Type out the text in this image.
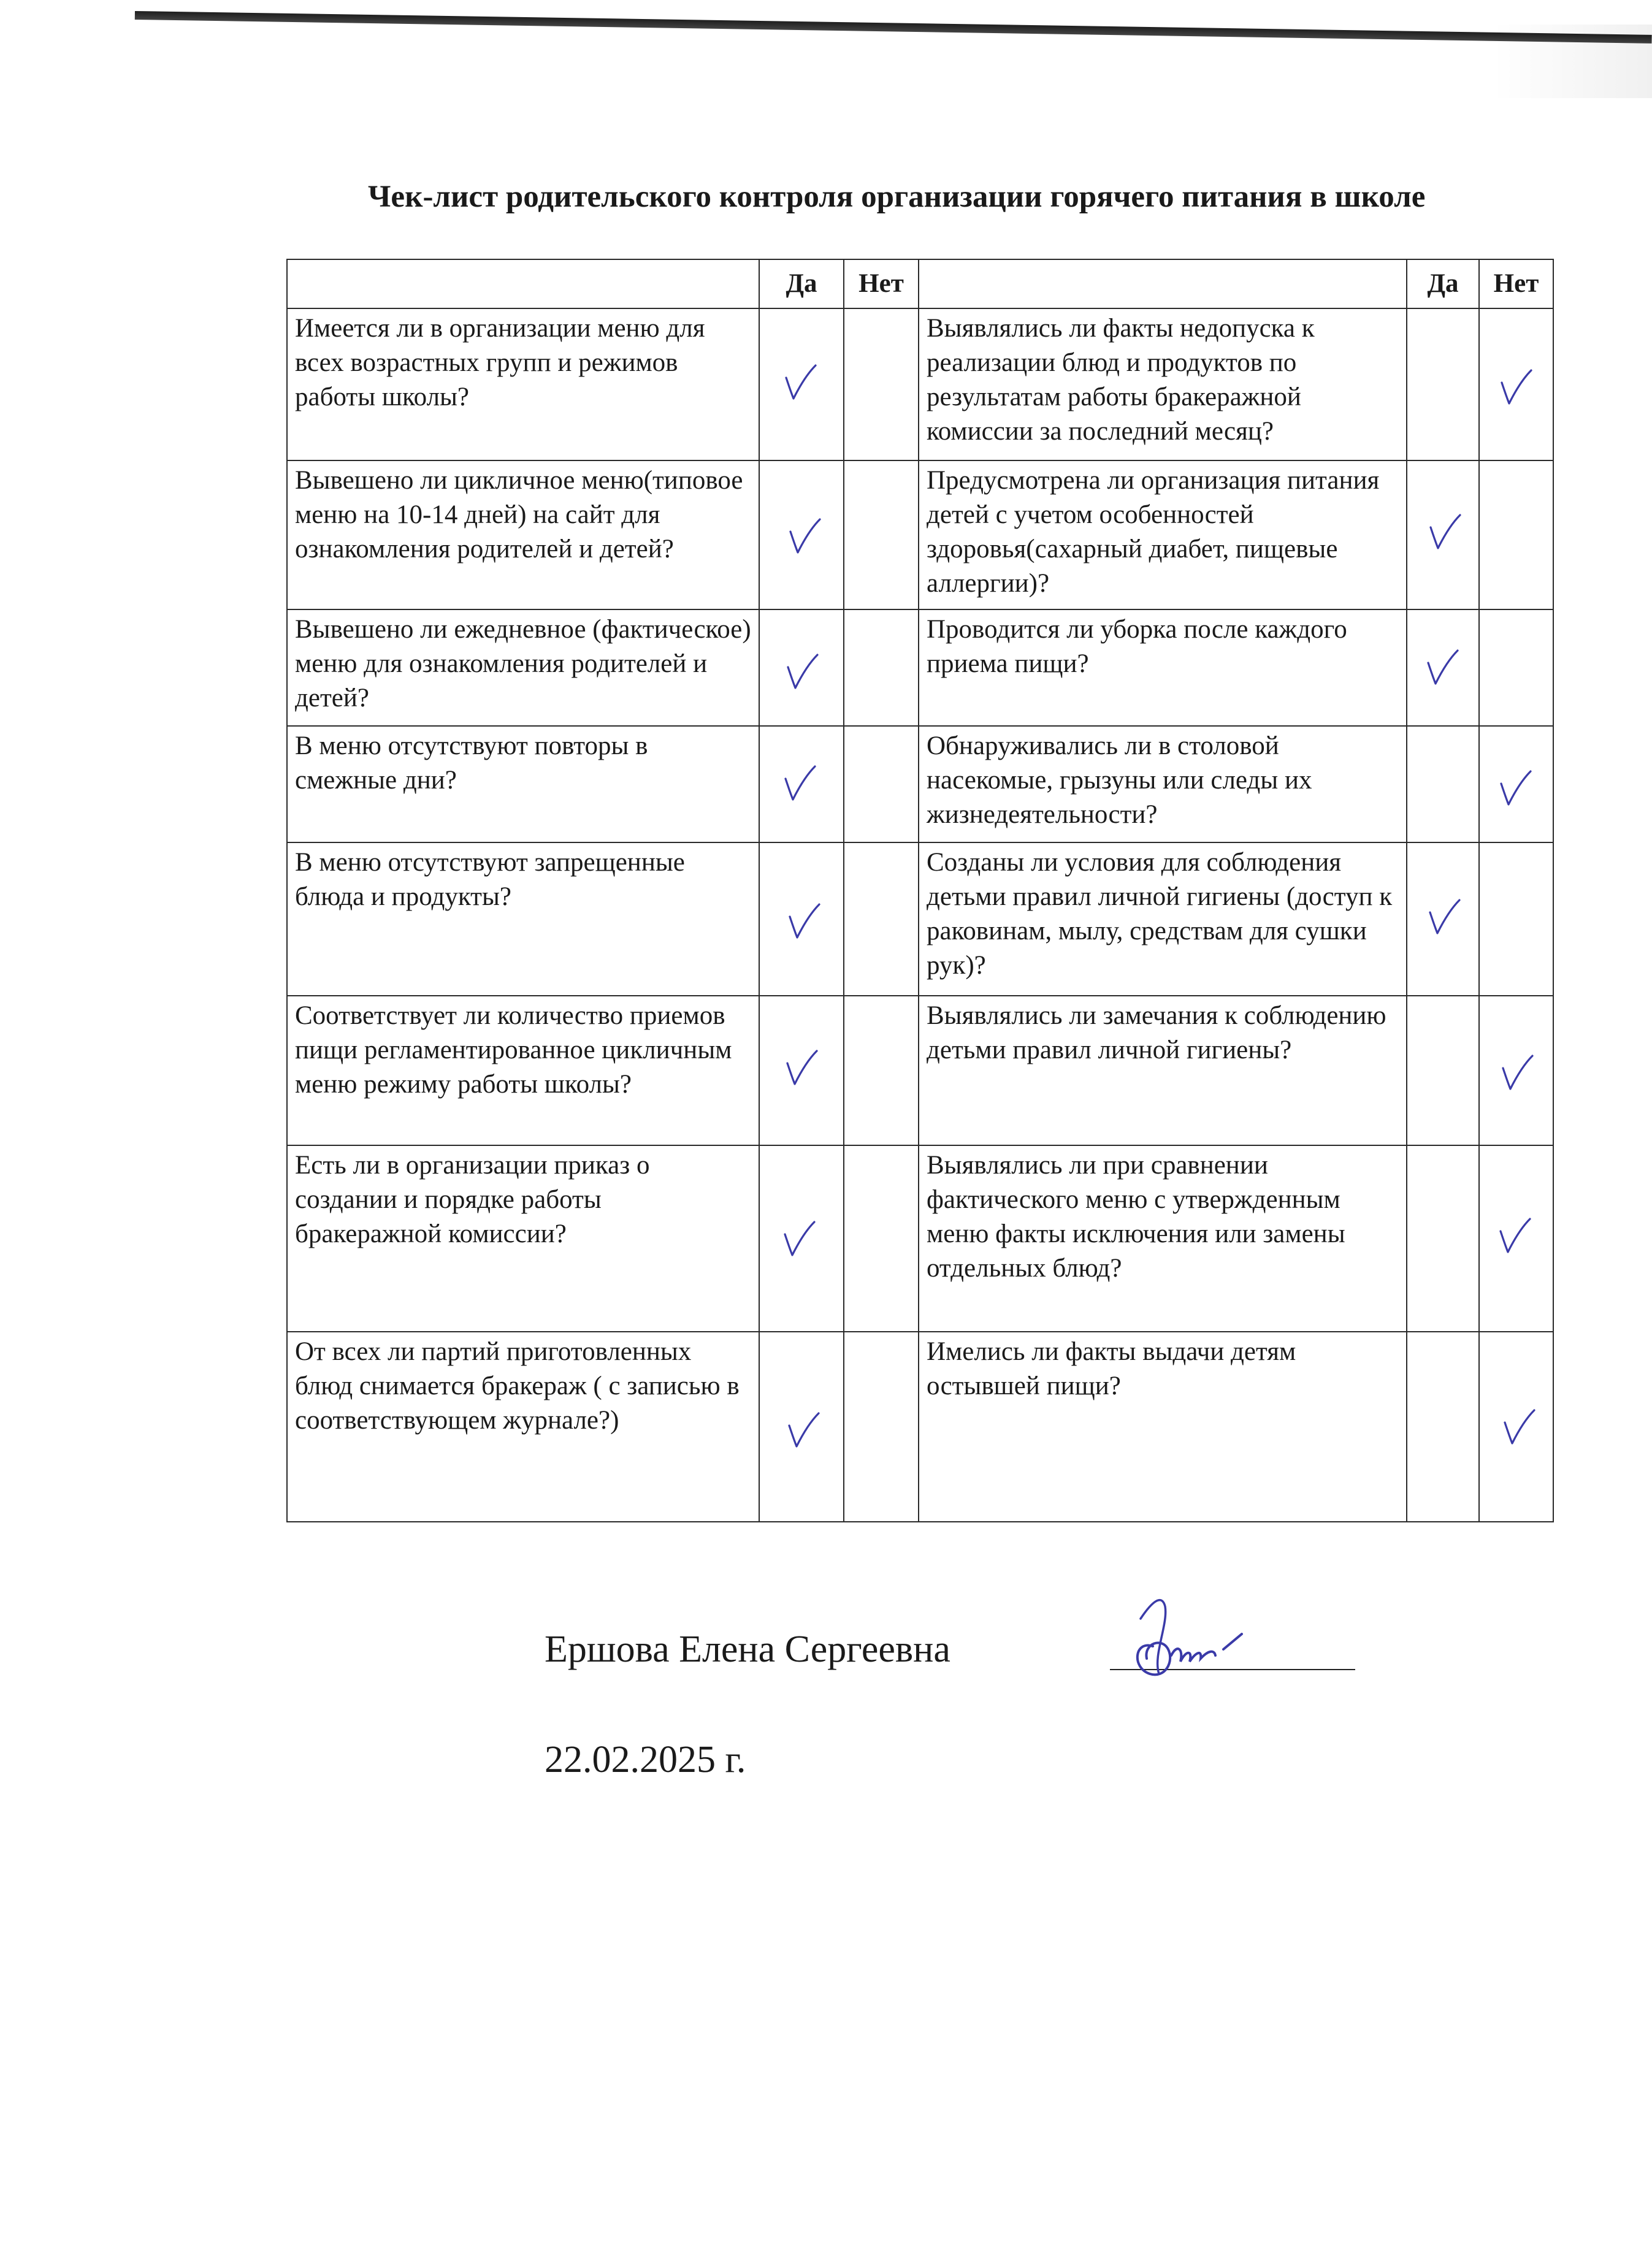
Чек-лист родительского контроля организации горячего питания в школе
	Да	Нет		Да	Нет
Имеется ли в организации меню для всех возрастных групп и режимов работы школы?			Выявлялись ли факты недопуска к реализации блюд и продуктов по результатам работы бракеражной комиссии за последний месяц?		

Вывешено ли цикличное меню(типовое меню на 10-14 дней) на сайт для ознакомления родителей и детей?			Предусмотрена ли организация питания детей с учетом особенностей здоровья(сахарный диабет, пищевые аллергии)?	

Вывешено ли ежедневное (фактическое) меню для ознакомления родителей и детей?			Проводится ли уборка после каждого приема пищи?	

В меню отсутствуют повторы в смежные дни?			Обнаруживались ли в столовой насекомые, грызуны или следы их жизнедеятельности?		

В меню отсутствуют запрещенные блюда и продукты?			Созданы ли условия для соблюдения детьми правил личной гигиены (доступ к раковинам, мылу, средствам для сушки рук)?	

Соответствует ли количество приемов пищи регламентированное цикличным меню режиму работы школы?			Выявлялись ли замечания к соблюдению детьми правил личной гигиены?		

Есть ли в организации приказ о создании и порядке работы бракеражной комиссии?			Выявлялись ли при сравнении фактического меню с утвержденным меню факты исключения или замены отдельных блюд?		

От всех ли партий приготовленных блюд снимается бракераж ( с записью в соответствующем журнале?)			Имелись ли факты выдачи детям остывшей пищи?		
Ершова Елена Сергеевна
22.02.2025 г.
